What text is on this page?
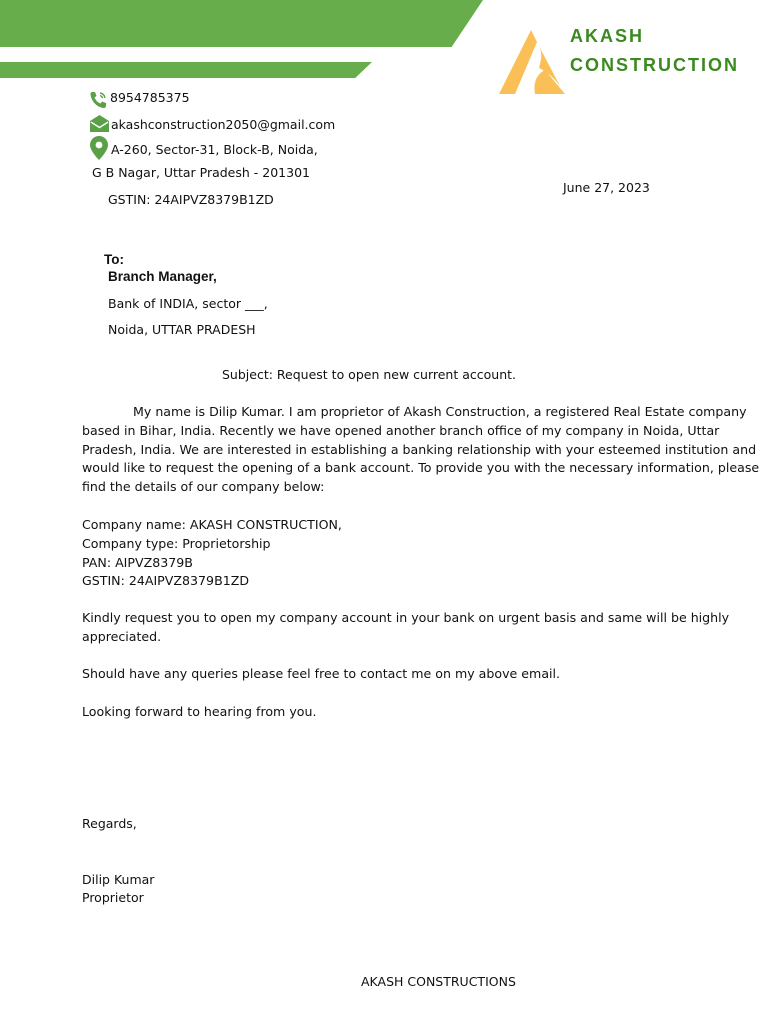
AKASH
CONSTRUCTION
8954785375
akashconstruction2050@gmail.com
A-260, Sector-31, Block-B, Noida,
G B Nagar, Uttar Pradesh - 201301
GSTIN: 24AIPVZ8379B1ZD
June 27, 2023
To:
Branch Manager,
Bank of INDIA, sector ___,
Noida, UTTAR PRADESH
Subject: Request to open new current account.

My name is Dilip Kumar. I am proprietor of Akash Construction, a registered Real Estate company based in Bihar, India. Recently we have opened another branch office of my company in Noida, Uttar Pradesh, India. We are interested in establishing a banking relationship with your esteemed institution and would like to request the opening of a bank account. To provide you with the necessary information, please find the details of our company below:

Company name: AKASH CONSTRUCTION,

Company type: Proprietorship

PAN: AIPVZ8379B

GSTIN: 24AIPVZ8379B1ZD

Kindly request you to open my company account in your bank on urgent basis and same will be highly appreciated.
Should have any queries please feel free to contact me on my above email.
Looking forward to hearing from you.
Regards,
Dilip Kumar
Proprietor
AKASH CONSTRUCTIONS
